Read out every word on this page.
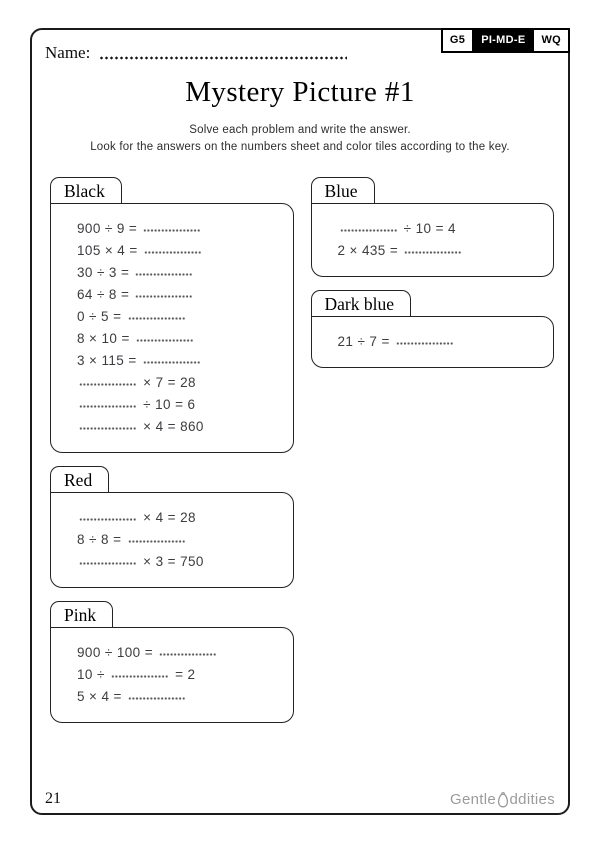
G5	PI-MD-E	WQ
Name:
Mystery Picture #1
Solve each problem and write the answer.
Look for the answers on the numbers sheet and color tiles according to the key.
Black
900 ÷ 9 =
105 × 4 =
30 ÷ 3 =
64 ÷ 8 =
0 ÷ 5 =
8 × 10 =
3 × 115 =
× 7 = 28
÷ 10 = 6
× 4 = 860
Red
× 4 = 28
8 ÷ 8 =
× 3 = 750
Pink
900 ÷ 100 =
10 ÷	= 2
5 × 4 =
Blue
÷ 10 = 4
2 × 435 =
Dark blue
21 ÷ 7 =
21	Gentle ddities
